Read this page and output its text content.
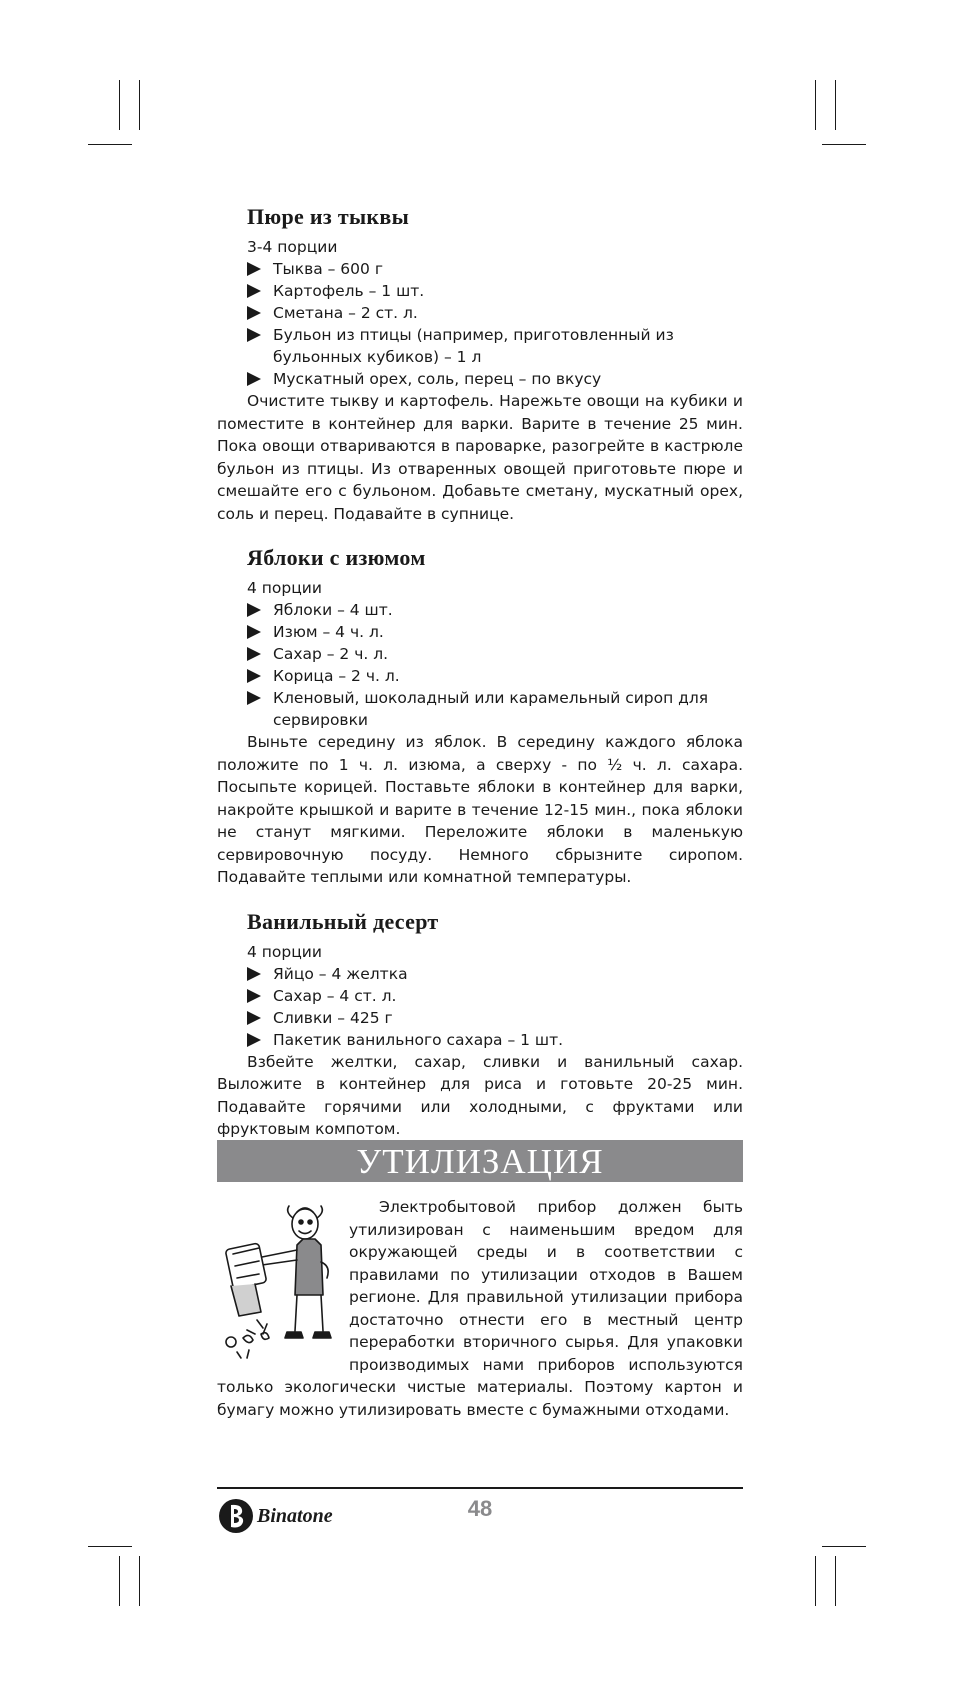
Пюре из тыквы
3-4 порции
Тыква – 600 г
Картофель – 1 шт.
Сметана – 2 ст. л.
Бульон из птицы (например, приготовленный из бульонных кубиков) – 1 л
Мускатный орех, соль, перец – по вкусу

Очистите тыкву и картофель. Нарежьте овощи на кубики и поместите в контейнер для варки. Варите в течение 25 мин. Пока овощи отвариваются в пароварке, разогрейте в кастрюле бульон из птицы. Из отваренных овощей приготовьте пюре и смешайте его с бульоном. Добавьте сметану, мускатный орех, соль и перец. Подавайте в супнице.

Яблоки с изюмом
4 порции
Яблоки – 4 шт.
Изюм – 4 ч. л.
Сахар – 2 ч. л.
Корица – 2 ч. л.
Кленовый, шоколадный или карамельный сироп для сервировки

Выньте середину из яблок. В середину каждого яблока положите по 1 ч. л. изюма, а сверху - по ½ ч. л. сахара. Посыпьте корицей. Поставьте яблоки в контейнер для варки, накройте крышкой и варите в течение 12-15 мин., пока яблоки не станут мягкими. Переложите яблоки в маленькую сервировочную посуду. Немного сбрызните сиропом. Подавайте теплыми или комнатной температуры.

Ванильный десерт
4 порции
Яйцо – 4 желтка
Сахар – 4 ст. л.
Сливки – 425 г
Пакетик ванильного сахара – 1 шт.

Взбейте желтки, сахар, сливки и ванильный сахар. Выложите в контейнер для риса и готовьте 20-25 мин. Подавайте горячими или холодными, с фруктами или фруктовым компотом.

УТИЛИЗАЦИЯ

Электробытовой прибор должен быть утилизирован с наименьшим вредом для окружающей среды и в соответствии с правилами по утилизации отходов в Вашем регионе. Для правильной утилизации прибора достаточно отнести его в местный центр переработки вторичного сырья. Для упаковки производимых нами приборов используются только экологически чистые материалы. Поэтому картон и бумагу можно утилизировать вместе с бумажными отходами.

Binatone	48
